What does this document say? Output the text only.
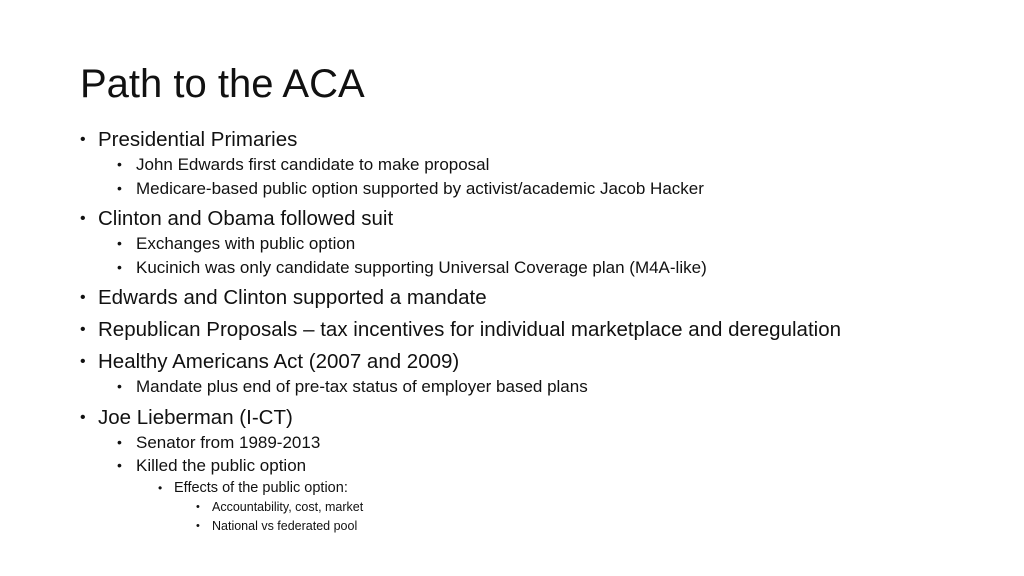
Path to the ACA
• Presidential Primaries
• John Edwards first candidate to make proposal
• Medicare-based public option supported by activist/academic Jacob Hacker
• Clinton and Obama followed suit
• Exchanges with public option
• Kucinich was only candidate supporting Universal Coverage plan (M4A-like)
• Edwards and Clinton supported a mandate
• Republican Proposals – tax incentives for individual marketplace and deregulation
• Healthy Americans Act (2007 and 2009)
• Mandate plus end of pre-tax status of employer based plans
• Joe Lieberman (I-CT)
• Senator from 1989-2013
• Killed the public option
• Effects of the public option:
• Accountability, cost, market
• National vs federated pool
